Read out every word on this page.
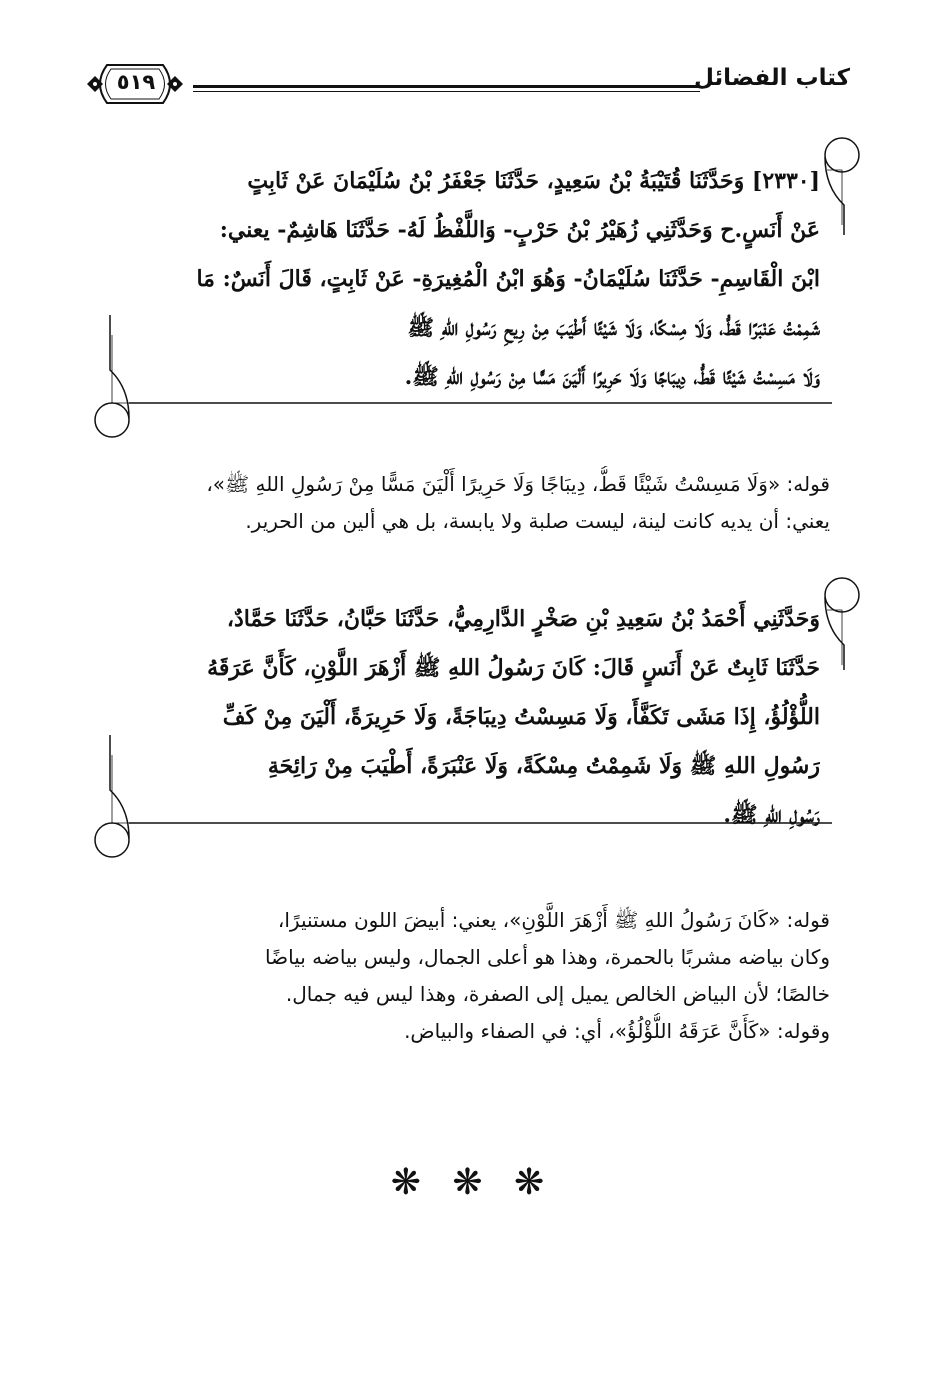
كتاب الفضائل
٥١٩
[٢٣٣٠] وَحَدَّثَنَا قُتَيْبَةُ بْنُ سَعِيدٍ، حَدَّثَنَا جَعْفَرُ بْنُ سُلَيْمَانَ عَنْ ثَابِتٍ
عَنْ أَنَسٍ.ح وَحَدَّثَنِي زُهَيْرُ بْنُ حَرْبٍ- وَاللَّفْظُ لَهُ- حَدَّثَنَا هَاشِمٌ- يعني:
ابْنَ الْقَاسِمِ- حَدَّثَنَا سُلَيْمَانُ- وَهُوَ ابْنُ الْمُغِيرَةِ- عَنْ ثَابِتٍ، قَالَ أَنَسٌ: مَا
شَمِمْتُ عَنْبَرًا قَطُّ، وَلَا مِسْكًا، وَلَا شَيْئًا أَطْيَبَ مِنْ رِيحِ رَسُولِ اللهِ ﷺ
وَلَا مَسِسْتُ شَيْئًا قَطُّ، دِيبَاجًا وَلَا حَرِيرًا أَلْيَنَ مَسًّا مِنْ رَسُولِ اللهِ ﷺ.
قوله: «وَلَا مَسِسْتُ شَيْئًا قَطُّ، دِيبَاجًا وَلَا حَرِيرًا أَلْيَنَ مَسًّا مِنْ رَسُولِ اللهِ ﷺ»،
يعني: أن يديه كانت لينة، ليست صلبة ولا يابسة، بل هي ألين من الحرير.
وَحَدَّثَنِي أَحْمَدُ بْنُ سَعِيدِ بْنِ صَخْرٍ الدَّارِمِيُّ، حَدَّثَنَا حَبَّانُ، حَدَّثَنَا حَمَّادٌ،
حَدَّثَنَا ثَابِتٌ عَنْ أَنَسٍ قَالَ: كَانَ رَسُولُ اللهِ ﷺ أَزْهَرَ اللَّوْنِ، كَأَنَّ عَرَقَهُ
اللُّؤْلُؤُ، إِذَا مَشَى تَكَفَّأَ، وَلَا مَسِسْتُ دِيبَاجَةً، وَلَا حَرِيرَةً، أَلْيَنَ مِنْ كَفِّ
رَسُولِ اللهِ ﷺ وَلَا شَمِمْتُ مِسْكَةً، وَلَا عَنْبَرَةً، أَطْيَبَ مِنْ رَائِحَةِ
رَسُولِ اللهِ ﷺ.
قوله: «كَانَ رَسُولُ اللهِ ﷺ أَزْهَرَ اللَّوْنِ»، يعني: أبيضَ اللون مستنيرًا،
وكان بياضه مشربًا بالحمرة، وهذا هو أعلى الجمال، وليس بياضه بياضًا
خالصًا؛ لأن البياض الخالص يميل إلى الصفرة، وهذا ليس فيه جمال.
وقوله: «كَأَنَّ عَرَقَهُ اللُّؤْلُؤُ»، أي: في الصفاء والبياض.
❋ ❋ ❋
